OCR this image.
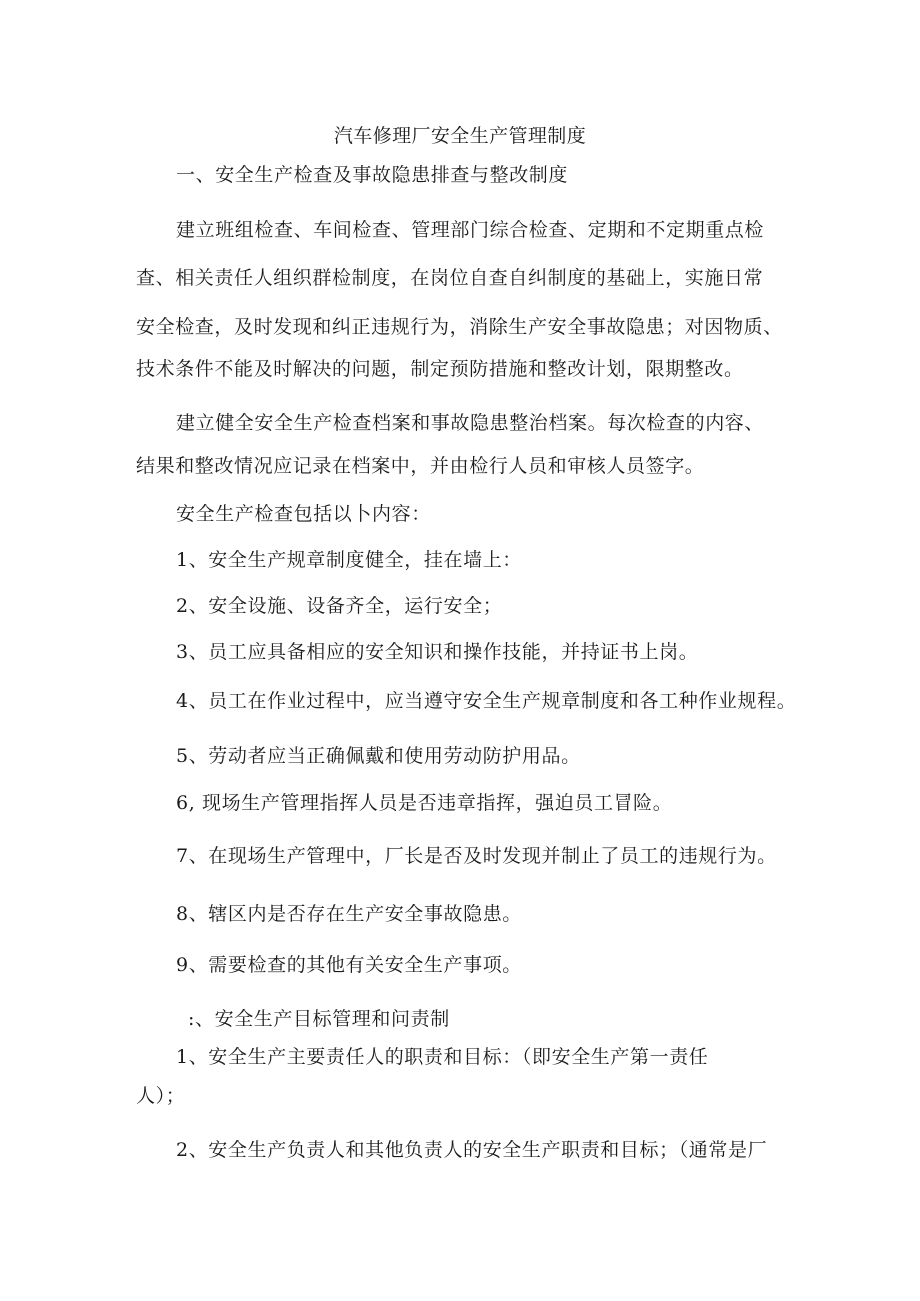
汽车修理厂安全生产管理制度
一、安全生产检查及事故隐患排查与整改制度
建立班组检查、车间检查、管理部门综合检查、定期和不定期重点检
查、相关责任人组织群检制度，在岗位自查自纠制度的基础上，实施日常
安全检查，及时发现和纠正违规行为，消除生产安全事故隐患；对因物质、
技术条件不能及时解决的问题，制定预防措施和整改计划，限期整改。
建立健全安全生产检查档案和事故隐患整治档案。每次检查的内容、
结果和整改情况应记录在档案中，并由检行人员和审核人员签字。
安全生产检查包括以卜内容：
1、安全生产规章制度健全，挂在墙上：
2、安全设施、设备齐全，运行安全；
3、员工应具备相应的安全知识和操作技能，并持证书上岗。
4、员工在作业过程中，应当遵守安全生产规章制度和各工种作业规程。
5、劳动者应当正确佩戴和使用劳动防护用品。
6, 现场生产管理指挥人员是否违章指挥，强迫员工冒险。
7、在现场生产管理中，厂长是否及时发现并制止了员工的违规行为。
8、辖区内是否存在生产安全事故隐患。
9、需要检查的其他有关安全生产事项。
:、安全生产目标管理和问责制
1、安全生产主要责任人的职责和目标：（即安全生产第一责任
人）；
2、安全生产负责人和其他负责人的安全生产职责和目标；（通常是厂
